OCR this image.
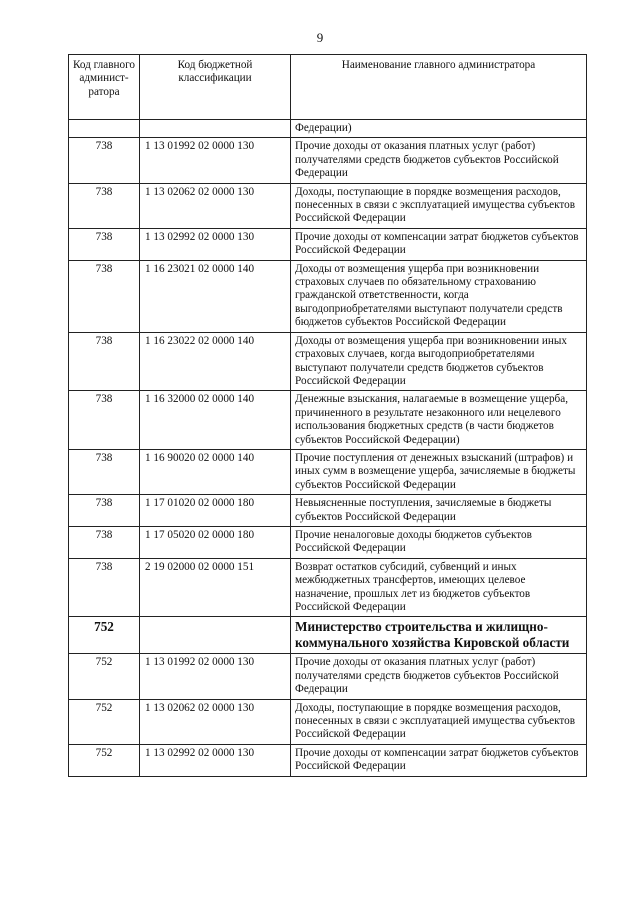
9
Код главного админист-ратора	Код бюджетной классификации	Наименование главного администратора
		Федерации)
738	1 13 01992 02 0000 130	Прочие доходы от оказания платных услуг (работ) получателями средств бюджетов субъектов Российской Федерации
738	1 13 02062 02 0000 130	Доходы, поступающие в порядке возмещения расходов, понесенных в связи с эксплуатацией имущества субъектов Российской Федерации
738	1 13 02992 02 0000 130	Прочие доходы от компенсации затрат бюджетов субъектов Российской Федерации
738	1 16 23021 02 0000 140	Доходы от возмещения ущерба при возникновении страховых случаев по обязательному страхованию гражданской ответственности, когда выгодоприобретателями выступают получатели средств бюджетов субъектов Российской Федерации
738	1 16 23022 02 0000 140	Доходы от возмещения ущерба при возникновении иных страховых случаев, когда выгодоприобретателями выступают получатели средств бюджетов субъектов Российской Федерации
738	1 16 32000 02 0000 140	Денежные взыскания, налагаемые в возмещение ущерба, причиненного в результате незаконного или нецелевого использования бюджетных средств (в части бюджетов субъектов Российской Федерации)
738	1 16 90020 02 0000 140	Прочие поступления от денежных взысканий (штрафов) и иных сумм в возмещение ущерба, зачисляемые в бюджеты субъектов Российской Федерации
738	1 17 01020 02 0000 180	Невыясненные поступления, зачисляемые в бюджеты субъектов Российской Федерации
738	1 17 05020 02 0000 180	Прочие неналоговые доходы бюджетов субъектов Российской Федерации
738	2 19 02000 02 0000 151	Возврат остатков субсидий, субвенций и иных межбюджетных трансфертов, имеющих целевое назначение, прошлых лет из бюджетов субъектов Российской Федерации
752		Министерство строительства и жилищно-коммунального хозяйства Кировской области
752	1 13 01992 02 0000 130	Прочие доходы от оказания платных услуг (работ) получателями средств бюджетов субъектов Российской Федерации
752	1 13 02062 02 0000 130	Доходы, поступающие в порядке возмещения расходов, понесенных в связи с эксплуатацией имущества субъектов Российской Федерации
752	1 13 02992 02 0000 130	Прочие доходы от компенсации затрат бюджетов субъектов Российской Федерации
